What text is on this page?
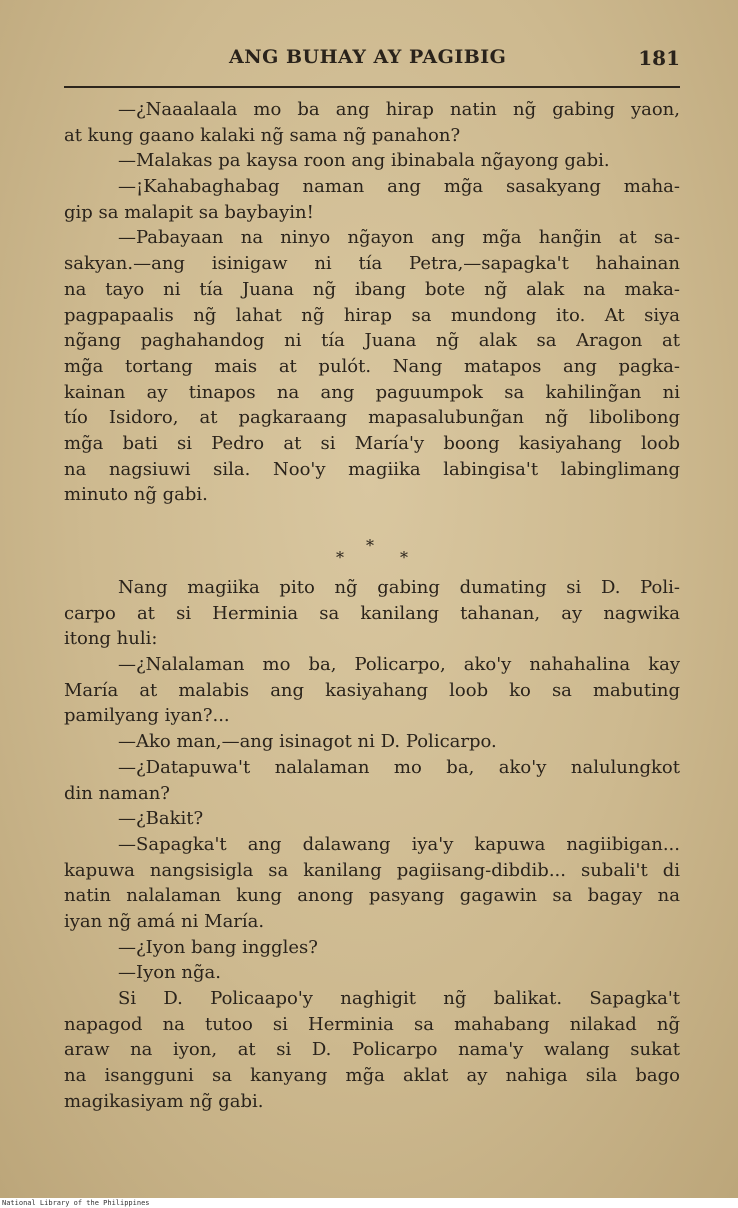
ANG BUHAY AY PAGIBIG	181
—¿Naaalaala mo ba ang hirap natin ng̃ gabing yaon,
at kung gaano kalaki ng̃ sama ng̃ panahon?
—Malakas pa kaysa roon ang ibinabala ng̃ayong gabi.
—¡Kahabaghabag naman ang mg̃a sasakyang maha-
gip sa malapit sa baybayin!
—Pabayaan na ninyo ng̃ayon ang mg̃a hang̃in at sa-
sakyan.—ang isinigaw ni tía Petra,—sapagka't hahainan
na tayo ni tía Juana ng̃ ibang bote ng̃ alak na maka-
pagpapaalis ng̃ lahat ng̃ hirap sa mundong ito. At siya
ng̃ang paghahandog ni tía Juana ng̃ alak sa Aragon at
mg̃a tortang mais at pulót. Nang matapos ang pagka-
kainan ay tinapos na ang paguumpok sa kahiling̃an ni
tío Isidoro, at pagkaraang mapasalubung̃an ng̃ libolibong
mg̃a bati si Pedro at si María'y boong kasiyahang loob
na nagsiuwi sila. Noo'y magiika labingisa't labinglimang
minuto ng̃ gabi.
*
*	*
Nang magiika pito ng̃ gabing dumating si D. Poli-
carpo at si Herminia sa kanilang tahanan, ay nagwika
itong huli:
—¿Nalalaman mo ba, Policarpo, ako'y nahahalina kay
María at malabis ang kasiyahang loob ko sa mabuting
pamilyang iyan?...
—Ako man,—ang isinagot ni D. Policarpo.
—¿Datapuwa't nalalaman mo ba, ako'y nalulungkot
din naman?
—¿Bakit?
—Sapagka't ang dalawang iya'y kapuwa nagiibigan...
kapuwa nangsisigla sa kanilang pagiisang-dibdib... subali't di
natin nalalaman kung anong pasyang gagawin sa bagay na
iyan ng̃ amá ni María.
—¿Iyon bang inggles?
—Iyon ng̃a.
Si D. Policaapo'y naghigit ng̃ balikat. Sapagka't
napagod na tutoo si Herminia sa mahabang nilakad ng̃
araw na iyon, at si D. Policarpo nama'y walang sukat
na isangguni sa kanyang mg̃a aklat ay nahiga sila bago
magikasiyam ng̃ gabi.
National Library of the Philippines
